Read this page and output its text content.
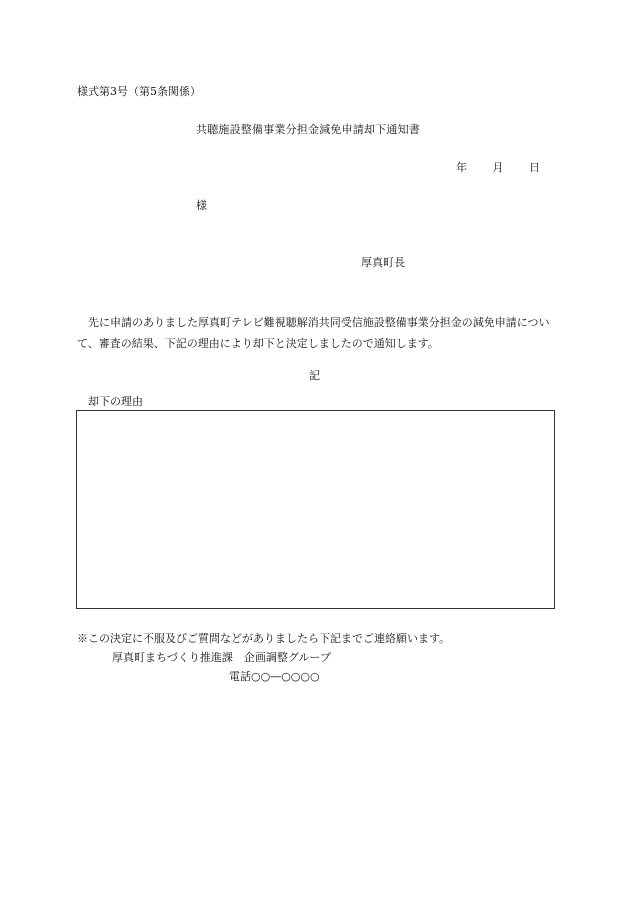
様式第3号（第5条関係）
共聴施設整備事業分担金減免申請却下通知書
年 月 日
様
厚真町長
先に申請のありました厚真町テレビ難視聴解消共同受信施設整備事業分担金の減免申請について、審査の結果、下記の理由により却下と決定しましたので通知します。
記
却下の理由
※この決定に不服及びご質問などがありましたら下記までご連絡願います。
厚真町まちづくり推進課　企画調整グループ
電話○○―○○○○
